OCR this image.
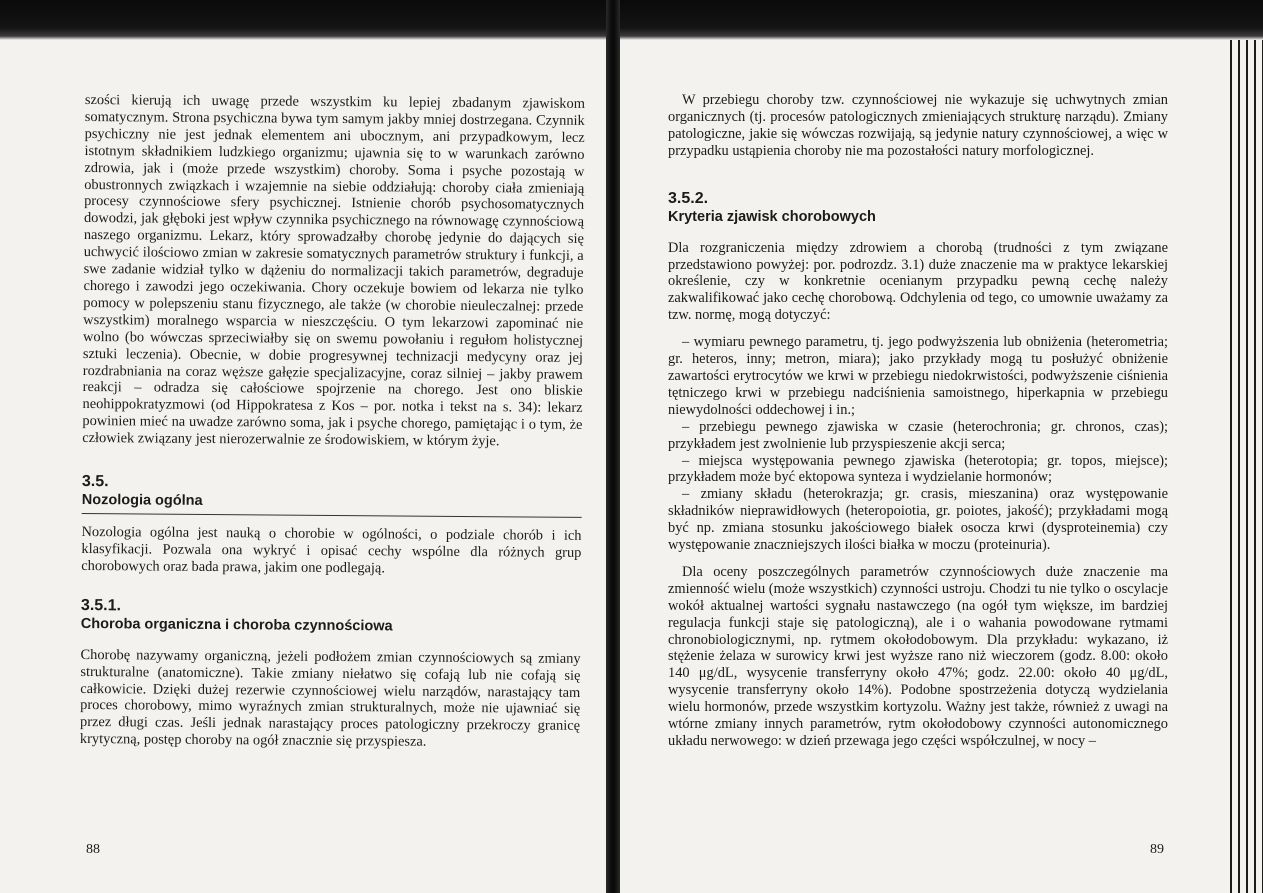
szości kierują ich uwagę przede wszystkim ku lepiej zbadanym zjawiskom somatycznym. Strona psychiczna bywa tym samym jakby mniej dostrzegana. Czynnik psychiczny nie jest jednak elementem ani ubocznym, ani przypadkowym, lecz istotnym składnikiem ludzkiego organizmu; ujawnia się to w warunkach zarówno zdrowia, jak i (może przede wszystkim) choroby. Soma i psyche pozostają w obustronnych związkach i wzajemnie na siebie oddziałują: choroby ciała zmieniają procesy czynnościowe sfery psychicznej. Istnienie chorób psychosomatycznych dowodzi, jak głęboki jest wpływ czynnika psychicznego na równowagę czynnościową naszego organizmu. Lekarz, który sprowadzałby chorobę jedynie do dających się uchwycić ilościowo zmian w zakresie somatycznych parametrów struktury i funkcji, a swe zadanie widział tylko w dążeniu do normalizacji takich parametrów, degraduje chorego i zawodzi jego oczekiwania. Chory oczekuje bowiem od lekarza nie tylko pomocy w polepszeniu stanu fizycznego, ale także (w chorobie nieuleczalnej: przede wszystkim) moralnego wsparcia w nieszczęściu. O tym lekarzowi zapominać nie wolno (bo wówczas sprzeciwiałby się on swemu powołaniu i regułom holistycznej sztuki leczenia). Obecnie, w dobie progresywnej technizacji medycyny oraz jej rozdrabniania na coraz węższe gałęzie specjalizacyjne, coraz silniej – jakby prawem reakcji – odradza się całościowe spojrzenie na chorego. Jest ono bliskie neohippokratyzmowi (od Hippokratesa z Kos – por. notka i tekst na s. 34): lekarz powinien mieć na uwadze zarówno soma, jak i psyche chorego, pamiętając i o tym, że człowiek związany jest nierozerwalnie ze środowiskiem, w którym żyje.

3.5.
Nozologia ogólna

Nozologia ogólna jest nauką o chorobie w ogólności, o podziale chorób i ich klasyfikacji. Pozwala ona wykryć i opisać cechy wspólne dla różnych grup chorobowych oraz bada prawa, jakim one podlegają.

3.5.1.
Choroba organiczna i choroba czynnościowa

Chorobę nazywamy organiczną, jeżeli podłożem zmian czynnościowych są zmiany strukturalne (anatomiczne). Takie zmiany niełatwo się cofają lub nie cofają się całkowicie. Dzięki dużej rezerwie czynnościowej wielu narządów, narastający tam proces chorobowy, mimo wyraźnych zmian strukturalnych, może nie ujawniać się przez długi czas. Jeśli jednak narastający proces patologiczny przekroczy granicę krytyczną, postęp choroby na ogół znacznie się przyspiesza.

88

W przebiegu choroby tzw. czynnościowej nie wykazuje się uchwytnych zmian organicznych (tj. procesów patologicznych zmieniających strukturę narządu). Zmiany patologiczne, jakie się wówczas rozwijają, są jedynie natury czynnościowej, a więc w przypadku ustąpienia choroby nie ma pozostałości natury morfologicznej.

3.5.2.
Kryteria zjawisk chorobowych

Dla rozgraniczenia między zdrowiem a chorobą (trudności z tym związane przedstawiono powyżej: por. podrozdz. 3.1) duże znaczenie ma w praktyce lekarskiej określenie, czy w konkretnie ocenianym przypadku pewną cechę należy zakwalifikować jako cechę chorobową. Odchylenia od tego, co umownie uważamy za tzw. normę, mogą dotyczyć:

– wymiaru pewnego parametru, tj. jego podwyższenia lub obniżenia (heterometria; gr. heteros, inny; metron, miara); jako przykłady mogą tu posłużyć obniżenie zawartości erytrocytów we krwi w przebiegu niedokrwistości, podwyższenie ciśnienia tętniczego krwi w przebiegu nadciśnienia samoistnego, hiperkapnia w przebiegu niewydolności oddechowej i in.;

– przebiegu pewnego zjawiska w czasie (heterochronia; gr. chronos, czas); przykładem jest zwolnienie lub przyspieszenie akcji serca;

– miejsca występowania pewnego zjawiska (heterotopia; gr. topos, miejsce); przykładem może być ektopowa synteza i wydzielanie hormonów;

– zmiany składu (heterokrazja; gr. crasis, mieszanina) oraz występowanie składników nieprawidłowych (heteropoiotia, gr. poiotes, jakość); przykładami mogą być np. zmiana stosunku jakościowego białek osocza krwi (dysproteinemia) czy występowanie znaczniejszych ilości białka w moczu (proteinuria).

Dla oceny poszczególnych parametrów czynnościowych duże znaczenie ma zmienność wielu (może wszystkich) czynności ustroju. Chodzi tu nie tylko o oscylacje wokół aktualnej wartości sygnału nastawczego (na ogół tym większe, im bardziej regulacja funkcji staje się patologiczną), ale i o wahania powodowane rytmami chronobiologicznymi, np. rytmem okołodobowym. Dla przykładu: wykazano, iż stężenie żelaza w surowicy krwi jest wyższe rano niż wieczorem (godz. 8.00: około 140 μg/dL, wysycenie transferryny około 47%; godz. 22.00: około 40 μg/dL, wysycenie transferryny około 14%). Podobne spostrzeżenia dotyczą wydzielania wielu hormonów, przede wszystkim kortyzolu. Ważny jest także, również z uwagi na wtórne zmiany innych parametrów, rytm okołodobowy czynności autonomicznego układu nerwowego: w dzień przewaga jego części współczulnej, w nocy –

89
